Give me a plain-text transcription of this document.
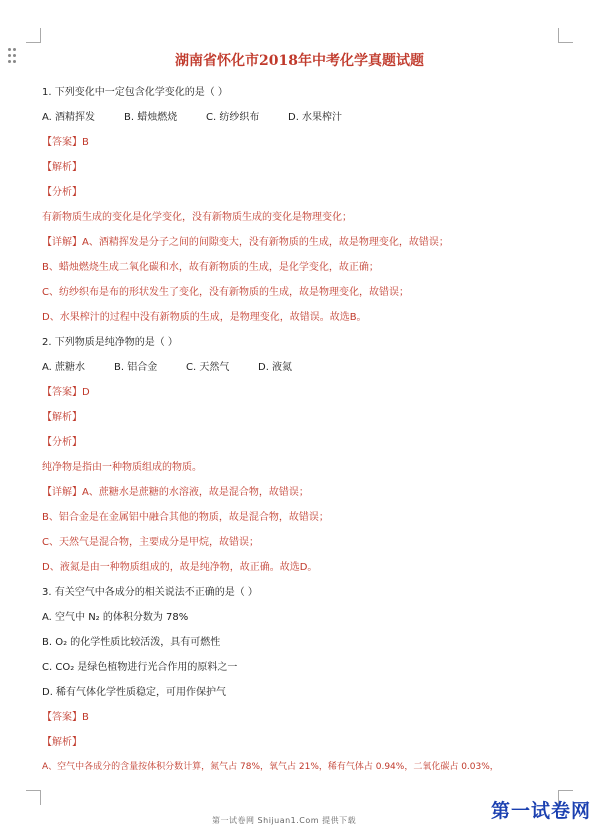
湖南省怀化市2018年中考化学真题试题
1. 下列变化中一定包含化学变化的是（ ）
A. 酒精挥发	B. 蜡烛燃烧	C. 纺纱织布	D. 水果榨汁
【答案】B
【解析】
【分析】
有新物质生成的变化是化学变化，没有新物质生成的变化是物理变化；
【详解】A、酒精挥发是分子之间的间隙变大，没有新物质的生成，故是物理变化，故错误；
B、蜡烛燃烧生成二氧化碳和水，故有新物质的生成，是化学变化，故正确；
C、纺纱织布是布的形状发生了变化，没有新物质的生成，故是物理变化，故错误；
D、水果榨汁的过程中没有新物质的生成，是物理变化，故错误。故选B。
2. 下列物质是纯净物的是（ ）
A. 蔗糖水	B. 铝合金	C. 天然气	D. 液氮
【答案】D
【解析】
【分析】
纯净物是指由一种物质组成的物质。
【详解】A、蔗糖水是蔗糖的水溶液，故是混合物，故错误；
B、铝合金是在金属铝中融合其他的物质，故是混合物，故错误；
C、天然气是混合物，主要成分是甲烷，故错误；
D、液氮是由一种物质组成的，故是纯净物，故正确。故选D。
3. 有关空气中各成分的相关说法不正确的是（ ）
A. 空气中 N₂ 的体积分数为 78%
B. O₂ 的化学性质比较活泼，具有可燃性
C. CO₂ 是绿色植物进行光合作用的原料之一
D. 稀有气体化学性质稳定，可用作保护气
【答案】B
【解析】
A、空气中各成分的含量按体积分数计算，氮气占 78%，氧气占 21%，稀有气体占 0.94%，二氧化碳占 0.03%，
第一试卷网 Shijuan1.Com 提供下载	第一试卷网
